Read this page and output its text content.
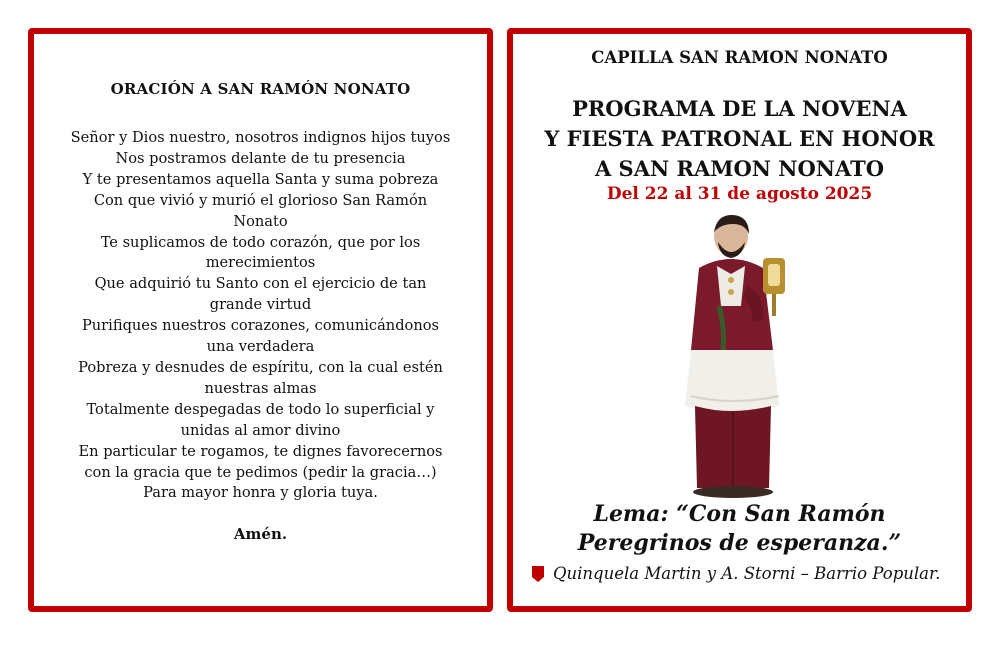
ORACIÓN A SAN RAMÓN NONATO
Señor y Dios nuestro, nosotros indignos hijos tuyos
Nos postramos delante de tu presencia
Y te presentamos aquella Santa y suma pobreza
Con que vivió y murió el glorioso San Ramón
Nonato
Te suplicamos de todo corazón, que por los
merecimientos
Que adquirió tu Santo con el ejercicio de tan
grande virtud
Purifiques nuestros corazones, comunicándonos
una verdadera
Pobreza y desnudes de espíritu, con la cual estén
nuestras almas
Totalmente despegadas de todo lo superficial y
unidas al amor divino
En particular te rogamos, te dignes favorecernos
con la gracia que te pedimos (pedir la gracia…)
Para mayor honra y gloria tuya.
Amén.
CAPILLA SAN RAMON NONATO
PROGRAMA DE LA NOVENA
Y FIESTA PATRONAL EN HONOR
A SAN RAMON NONATO
Del 22 al 31 de agosto 2025
Lema: “Con San Ramón
Peregrinos de esperanza.”
Quinquela Martin y A. Storni – Barrio Popular.
